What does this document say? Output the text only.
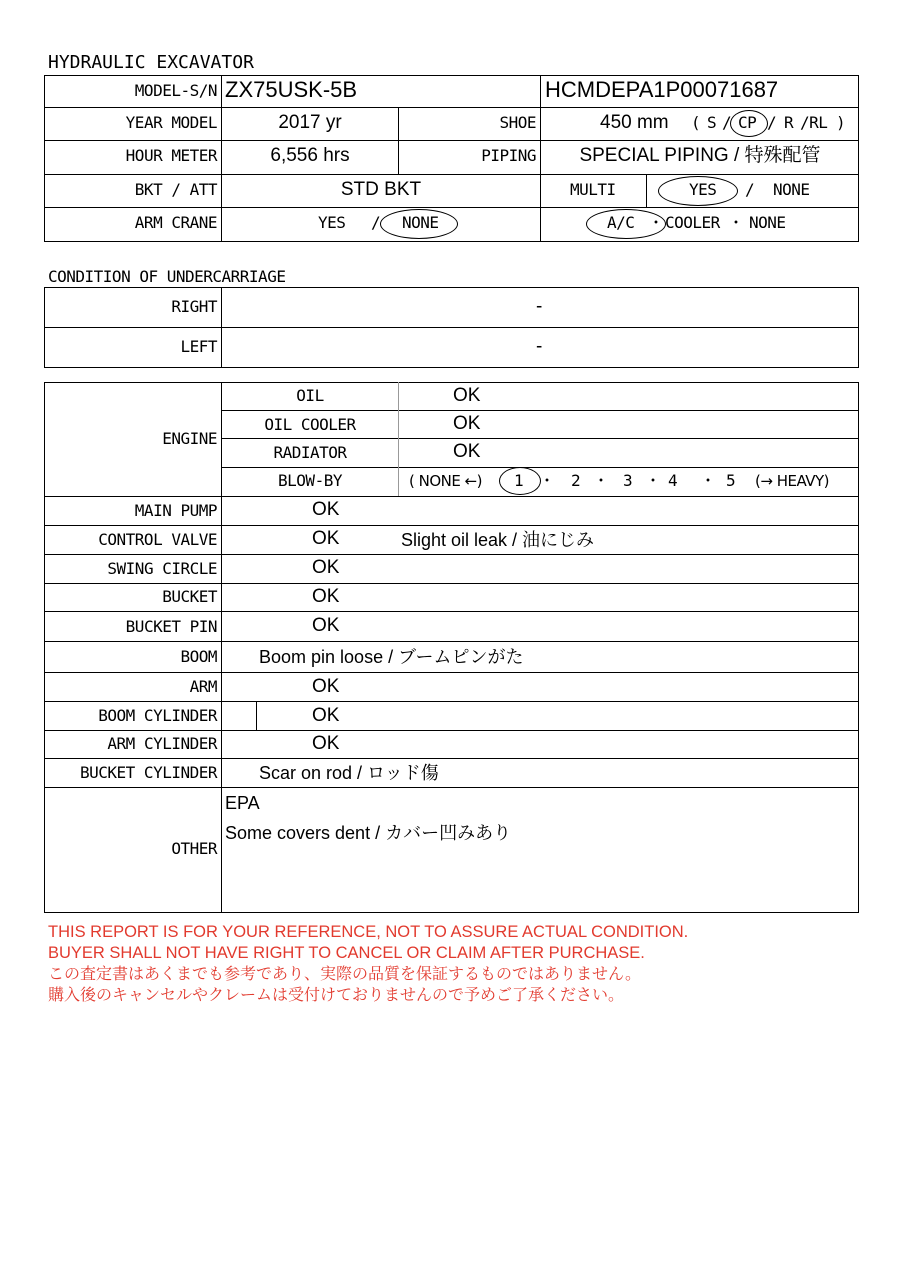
HYDRAULIC EXCAVATOR
MODEL-S/N ZX75USK-5B	HCMDEPA1P00071687
YEAR MODEL	2017 yr	SHOE	450 mm ( S / CP / R /RL )
HOUR METER	6,556 hrs	PIPING	SPECIAL PIPING / 特殊配管
BKT / ATT	STD BKT	MULTI	YES / NONE
ARM CRANE	YES / NONE	A/C ・ COOLER ・ NONE
CONDITION OF UNDERCARRIAGE
RIGHT	-
LEFT	-
ENGINE
OIL	OK
OIL COOLER	OK
RADIATOR	OK
BLOW-BY	( NONE ←) 1 ・ 2 ・ 3 ・ 4 ・ 5 (→ HEAVY)
MAIN PUMP	OK
CONTROL VALVE	OK	Slight oil leak / 油にじみ
SWING CIRCLE	OK
BUCKET	OK
BUCKET PIN	OK
BOOM Boom pin loose / ブームピンがた
ARM	OK
BOOM CYLINDER	OK
ARM CYLINDER	OK
BUCKET CYLINDER Scar on rod / ロッド傷
OTHER
EPA
Some covers dent / カバー凹みあり
THIS REPORT IS FOR YOUR REFERENCE, NOT TO ASSURE ACTUAL CONDITION.
BUYER SHALL NOT HAVE RIGHT TO CANCEL OR CLAIM AFTER PURCHASE.
この査定書はあくまでも参考であり、実際の品質を保証するものではありません。
購入後のキャンセルやクレームは受付けておりませんので予めご了承ください。
